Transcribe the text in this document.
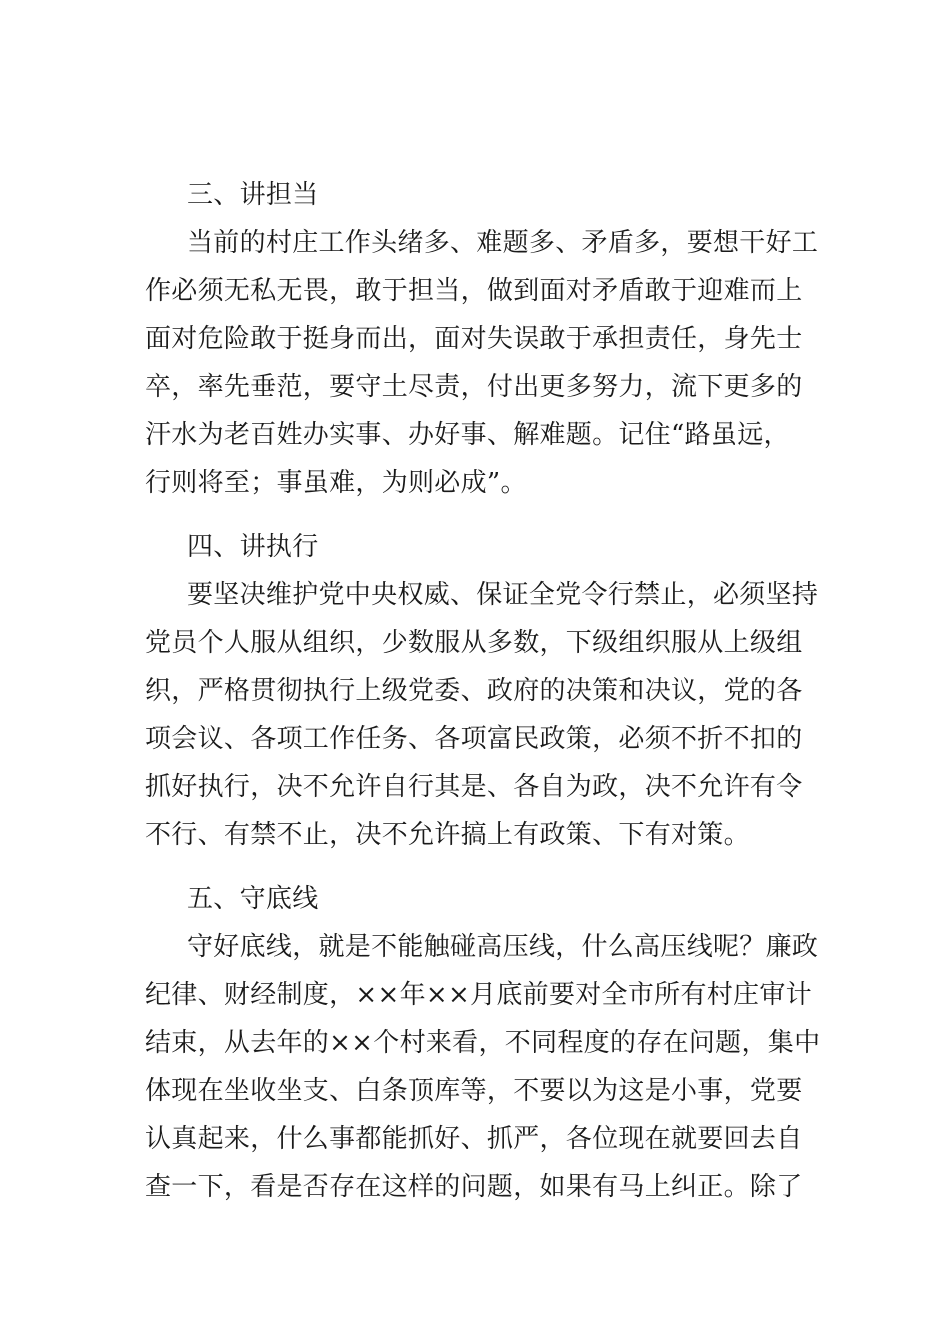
三、讲担当
当前的村庄工作头绪多、难题多、矛盾多，要想干好工
作必须无私无畏，敢于担当，做到面对矛盾敢于迎难而上
面对危险敢于挺身而出，面对失误敢于承担责任，身先士
卒，率先垂范，要守土尽责，付出更多努力，流下更多的
汗水为老百姓办实事、办好事、解难题。记住“路虽远，
行则将至；事虽难，为则必成”。
四、讲执行
要坚决维护党中央权威、保证全党令行禁止，必须坚持
党员个人服从组织，少数服从多数，下级组织服从上级组
织，严格贯彻执行上级党委、政府的决策和决议，党的各
项会议、各项工作任务、各项富民政策，必须不折不扣的
抓好执行，决不允许自行其是、各自为政，决不允许有令
不行、有禁不止，决不允许搞上有政策、下有对策。
五、守底线
守好底线，就是不能触碰高压线，什么高压线呢？廉政
纪律、财经制度，××年××月底前要对全市所有村庄审计
结束，从去年的××个村来看，不同程度的存在问题，集中
体现在坐收坐支、白条顶库等，不要以为这是小事，党要
认真起来，什么事都能抓好、抓严，各位现在就要回去自
查一下，看是否存在这样的问题，如果有马上纠正。除了
